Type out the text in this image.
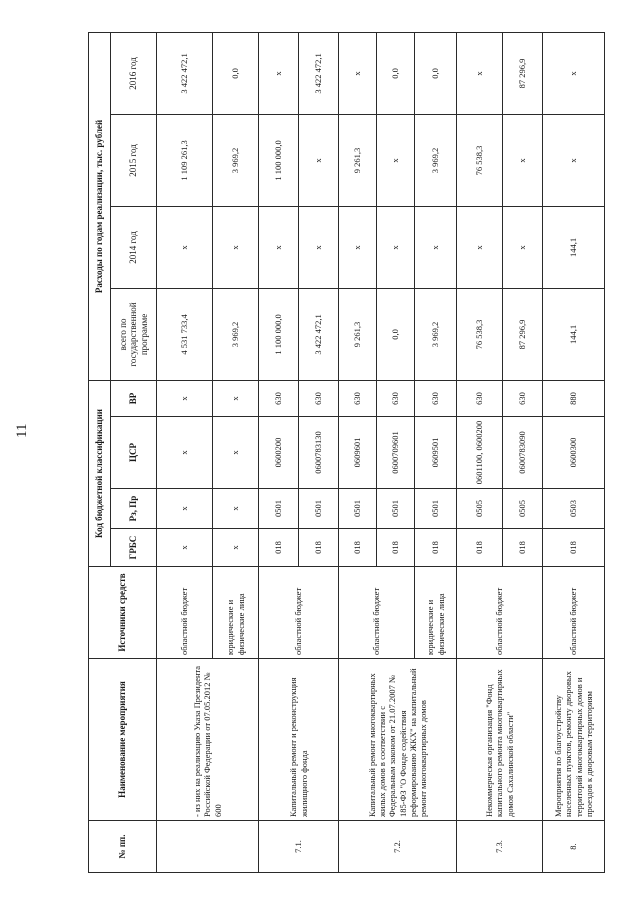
11
№ пп.	Наименование мероприятия	Источники средств	Код бюджетной классификации				Расходы по годам реализации, тыс. рублей			
			ГРБС	Рз, Пр	ЦСР	ВР	всего по государственной программе	2014 год	2015 год	2016 год

	- из них на реализацию Указа Президента Российской Федерации от 07.05.2012 № 600	областной бюджет	х	х	х	х	4 531 733,4	х	1 109 261,3	3 422 472,1
		юридические и физические лица	х	х	х	х	3 969,2	х	3 969,2	0,0
7.1.	Капитальный ремонт и реконструкция жилищного фонда	областной бюджет	018	0501	0600200	630	1 100 000,0	х	1 100 000,0	х
			018	0501	0600783130	630	3 422 472,1	х	х	3 422 472,1
7.2.	Капитальный ремонт многоквартирных жилых домов в соответствии с Федеральным законом от 21.07.2007 № 185-ФЗ "О Фонде содействия реформированию ЖКХ" на капитальный ремонт многоквартирных домов	областной бюджет	018	0501	0609601	630	9 261,3	х	9 261,3	х
			018	0501	0600709601	630	0,0	х	х	0,0
		юридические и физические лица	018	0501	0609501	630	3 969,2	х	3 969,2	0,0
7.3.	Некоммерческая организация "Фонд капитального ремонта многоквартирных домов Сахалинской области"	областной бюджет	018	0505	0601100, 0600200	630	76 538,3	х	76 538,3	х
			018	0505	0600783090	630	87 296,9	х	х	87 296,9
8.	Мероприятия по благоустройству населенных пунктов, ремонту дворовых территорий многоквартирных домов и проездов к дворовым территориям	областной бюджет	018	0503	0600300	880	144,1	144,1	х	х
